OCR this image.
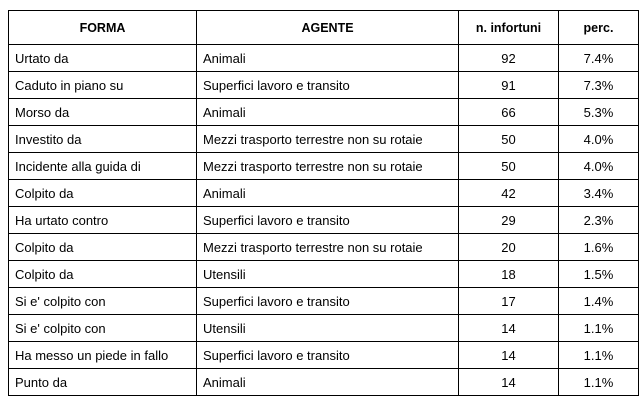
FORMA	AGENTE	n. infortuni	perc.
Urtato da	Animali	92	7.4%
Caduto in piano su	Superfici lavoro e transito	91	7.3%
Morso da	Animali	66	5.3%
Investito da	Mezzi trasporto terrestre non su rotaie	50	4.0%
Incidente alla guida di	Mezzi trasporto terrestre non su rotaie	50	4.0%
Colpito da	Animali	42	3.4%
Ha urtato contro	Superfici lavoro e transito	29	2.3%
Colpito da	Mezzi trasporto terrestre non su rotaie	20	1.6%
Colpito da	Utensili	18	1.5%
Si e' colpito con	Superfici lavoro e transito	17	1.4%
Si e' colpito con	Utensili	14	1.1%
Ha messo un piede in fallo	Superfici lavoro e transito	14	1.1%
Punto da	Animali	14	1.1%
